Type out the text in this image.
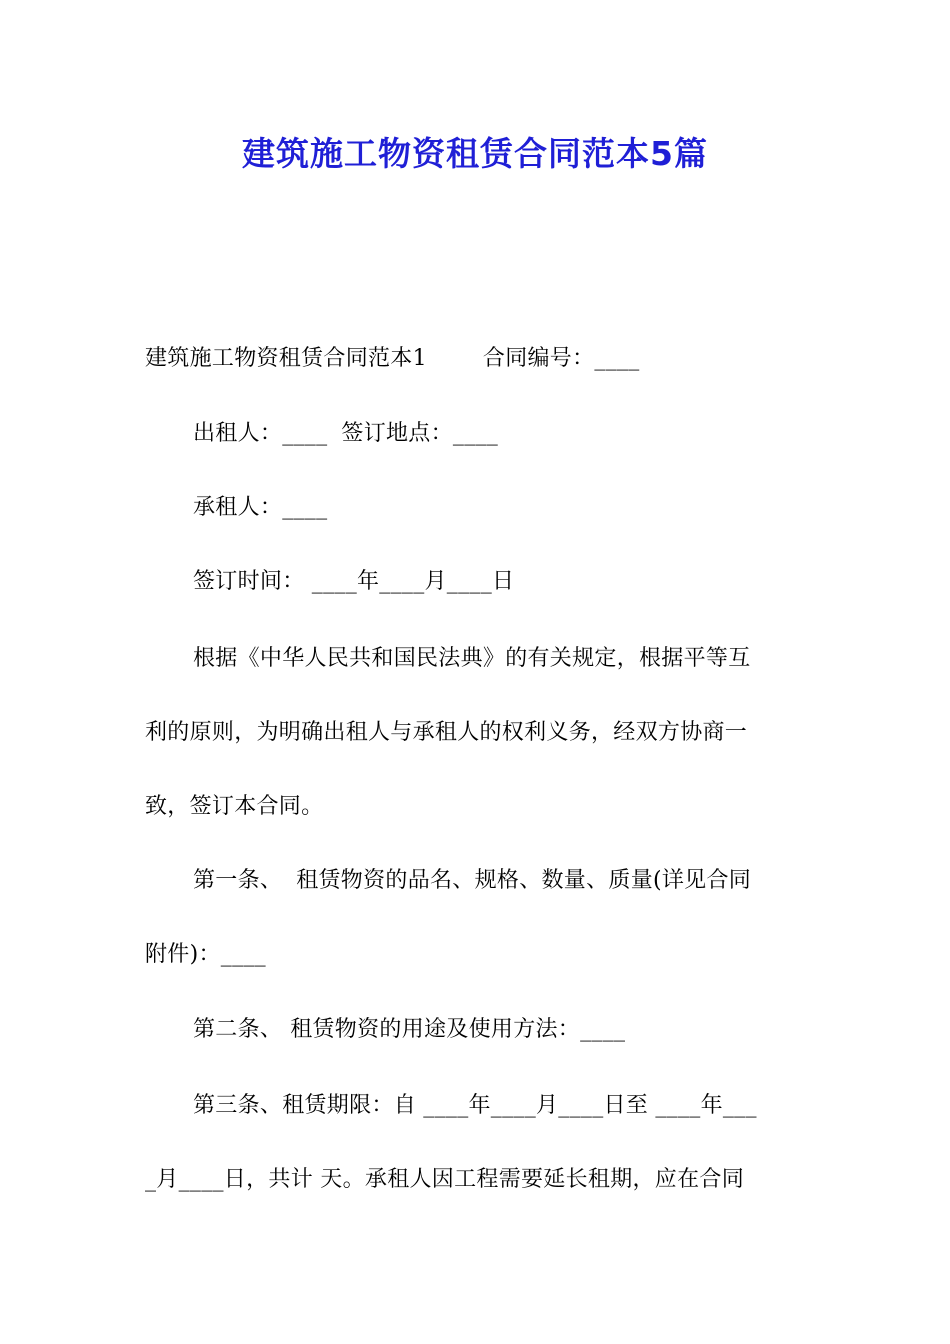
建筑施工物资租赁合同范本5篇
建筑施工物资租赁合同范本1	合同编号：____
出租人：____ 签订地点：____
承租人：____
签订时间： ____年____月____日
根据《中华人民共和国民法典》的有关规定，根据平等互
利的原则，为明确出租人与承租人的权利义务，经双方协商一
致，签订本合同。
第一条、 租赁物资的品名、规格、数量、质量(详见合同
附件)：____
第二条、 租赁物资的用途及使用方法：____
第三条、租赁期限：自 ____年____月____日至 ____年___
_月____日，共计 天。承租人因工程需要延长租期，应在合同
